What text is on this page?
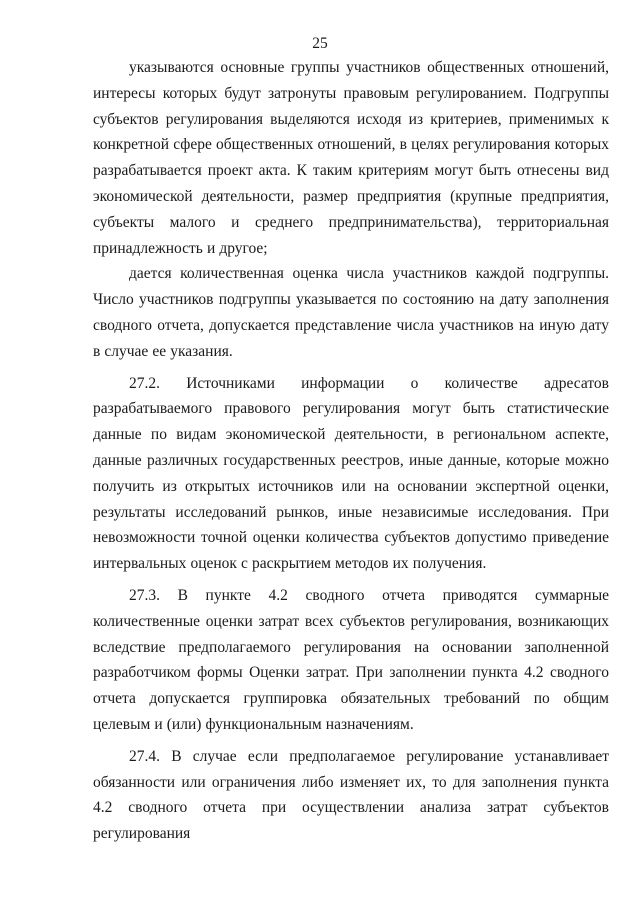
25

указываются основные группы участников общественных отношений, интересы которых будут затронуты правовым регулированием. Подгруппы субъектов регулирования выделяются исходя из критериев, применимых к конкретной сфере общественных отношений, в целях регулирования которых разрабатывается проект акта. К таким критериям могут быть отнесены вид экономической деятельности, размер предприятия (крупные предприятия, субъекты малого и среднего предпринимательства), территориальная принадлежность и другое;

дается количественная оценка числа участников каждой подгруппы. Число участников подгруппы указывается по состоянию на дату заполнения сводного отчета, допускается представление числа участников на иную дату в случае ее указания.

27.2. Источниками информации о количестве адресатов разрабатываемого правового регулирования могут быть статистические данные по видам экономической деятельности, в региональном аспекте, данные различных государственных реестров, иные данные, которые можно получить из открытых источников или на основании экспертной оценки, результаты исследований рынков, иные независимые исследования. При невозможности точной оценки количества субъектов допустимо приведение интервальных оценок с раскрытием методов их получения.

27.3. В пункте 4.2 сводного отчета приводятся суммарные количественные оценки затрат всех субъектов регулирования, возникающих вследствие предполагаемого регулирования на основании заполненной разработчиком формы Оценки затрат. При заполнении пункта 4.2 сводного отчета допускается группировка обязательных требований по общим целевым и (или) функциональным назначениям.

27.4. В случае если предполагаемое регулирование устанавливает обязанности или ограничения либо изменяет их, то для заполнения пункта 4.2 сводного отчета при осуществлении анализа затрат субъектов регулирования
